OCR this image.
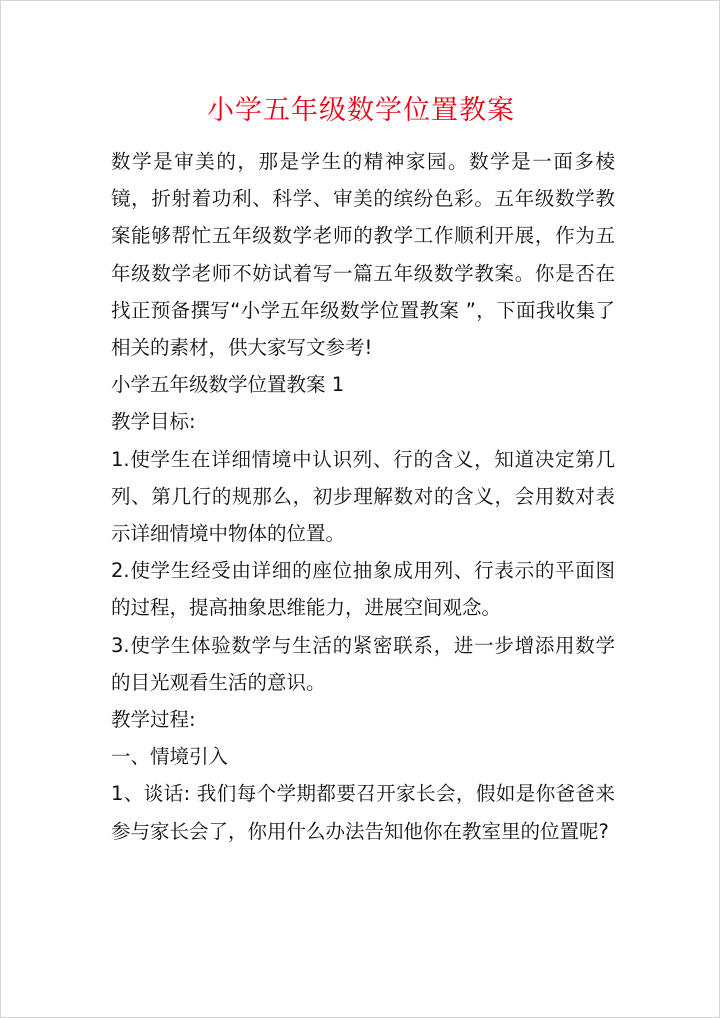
小学五年级数学位置教案

数学是审美的，那是学生的精神家园。数学是一面多棱镜，折射着功利、科学、审美的缤纷色彩。五年级数学教案能够帮忙五年级数学老师的教学工作顺利开展，作为五年级数学老师不妨试着写一篇五年级数学教案。你是否在找正预备撰写“小学五年级数学位置教案 ”，下面我收集了相关的素材，供大家写文参考!

小学五年级数学位置教案 1

教学目标:

1.使学生在详细情境中认识列、行的含义，知道决定第几列、第几行的规那么，初步理解数对的含义，会用数对表示详细情境中物体的位置。

2.使学生经受由详细的座位抽象成用列、行表示的平面图的过程，提高抽象思维能力，进展空间观念。

3.使学生体验数学与生活的紧密联系，进一步增添用数学的目光观看生活的意识。

教学过程:

一、情境引入

1、谈话: 我们每个学期都要召开家长会，假如是你爸爸来参与家长会了，你用什么办法告知他你在教室里的位置呢?
